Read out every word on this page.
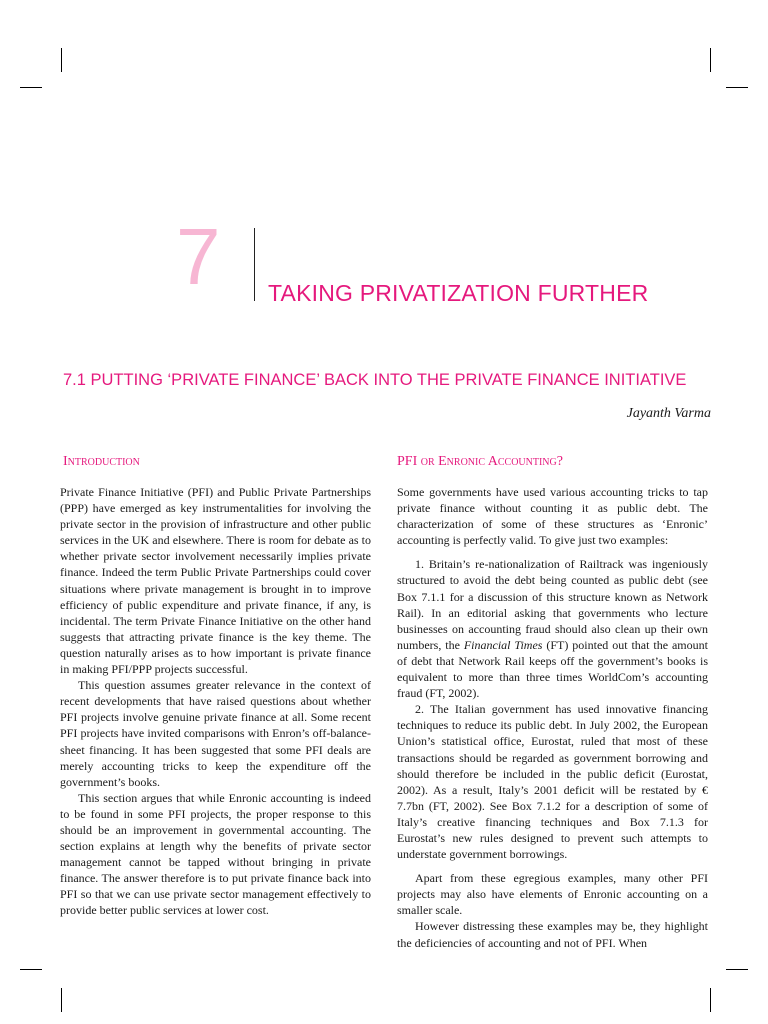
7 TAKING PRIVATIZATION FURTHER
7.1 PUTTING ‘PRIVATE FINANCE’ BACK INTO THE PRIVATE FINANCE INITIATIVE
Jayanth Varma
Introduction

Private Finance Initiative (PFI) and Public Private Partnerships (PPP) have emerged as key instrumentalities for involving the private sector in the provision of infrastructure and other public services in the UK and elsewhere. There is room for debate as to whether private sector involvement necessarily implies private finance. Indeed the term Public Private Partnerships could cover situations where private management is brought in to improve efficiency of public expenditure and private finance, if any, is incidental. The term Private Finance Initiative on the other hand suggests that attracting private finance is the key theme. The question naturally arises as to how important is private finance in making PFI/PPP projects successful.

This question assumes greater relevance in the context of recent developments that have raised questions about whether PFI projects involve genuine private finance at all. Some recent PFI projects have invited comparisons with Enron’s off-balance-sheet financing. It has been suggested that some PFI deals are merely accounting tricks to keep the expenditure off the government’s books.

This section argues that while Enronic accounting is indeed to be found in some PFI projects, the proper response to this should be an improvement in governmental accounting. The section explains at length why the benefits of private sector management cannot be tapped without bringing in private finance. The answer therefore is to put private finance back into PFI so that we can use private sector management effectively to provide better public services at lower cost.

PFI or Enronic Accounting?

Some governments have used various accounting tricks to tap private finance without counting it as public debt. The characterization of some of these structures as ‘Enronic’ accounting is perfectly valid. To give just two examples:

1. Britain’s re-nationalization of Railtrack was ingeniously structured to avoid the debt being counted as public debt (see Box 7.1.1 for a discussion of this structure known as Network Rail). In an editorial asking that governments who lecture businesses on accounting fraud should also clean up their own numbers, the Financial Times (FT) pointed out that the amount of debt that Network Rail keeps off the government’s books is equivalent to more than three times WorldCom’s accounting fraud (FT, 2002).

2. The Italian government has used innovative financing techniques to reduce its public debt. In July 2002, the European Union’s statistical office, Eurostat, ruled that most of these transactions should be regarded as government borrowing and should therefore be included in the public deficit (Eurostat, 2002). As a result, Italy’s 2001 deficit will be restated by € 7.7bn (FT, 2002). See Box 7.1.2 for a description of some of Italy’s creative financing techniques and Box 7.1.3 for Eurostat’s new rules designed to prevent such attempts to understate government borrowings.

Apart from these egregious examples, many other PFI projects may also have elements of Enronic accounting on a smaller scale.

However distressing these examples may be, they highlight the deficiencies of accounting and not of PFI. When
